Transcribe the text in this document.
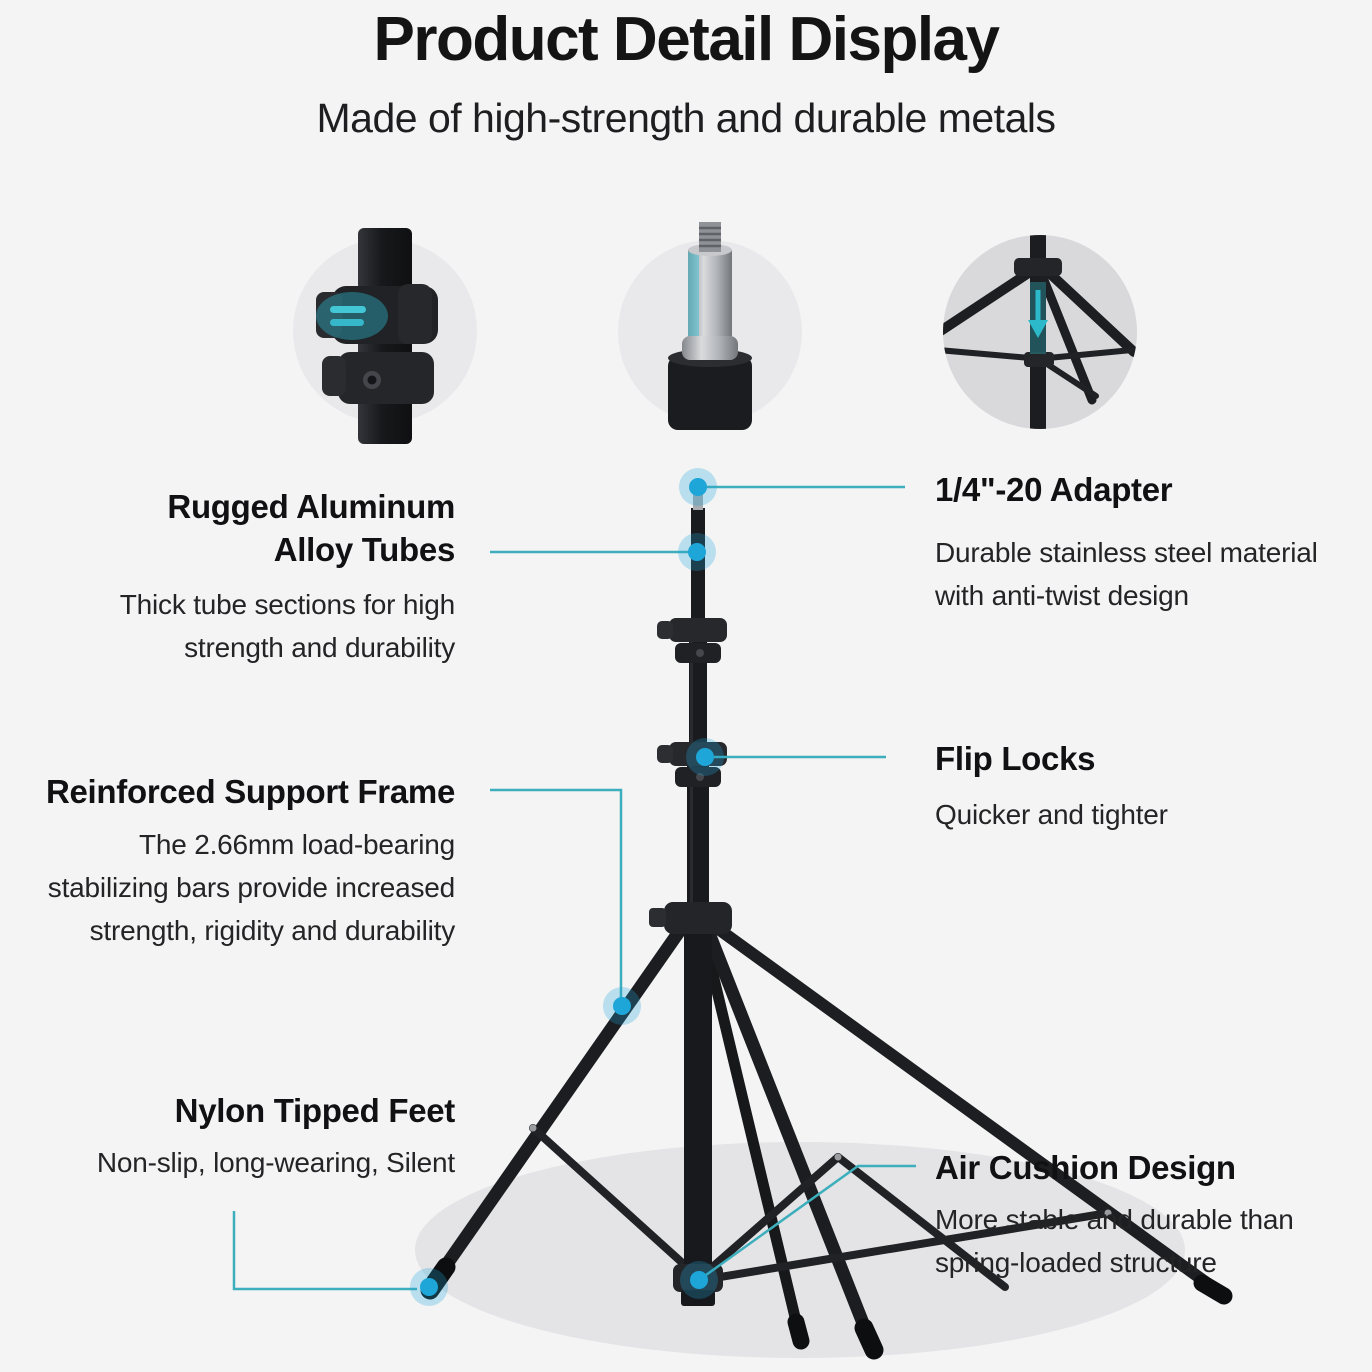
Product Detail Display
Made of high-strength and durable metals
Rugged Aluminum
Alloy Tubes
Thick tube sections for high
strength and durability
1/4"-20 Adapter
Durable stainless steel material
with anti-twist design
Reinforced Support Frame
The 2.66mm load-bearing
stabilizing bars provide increased
strength, rigidity and durability
Flip Locks
Quicker and tighter
Nylon Tipped Feet
Non-slip, long-wearing, Silent	Air Cushion Design
More stable and durable than
spring-loaded structure
